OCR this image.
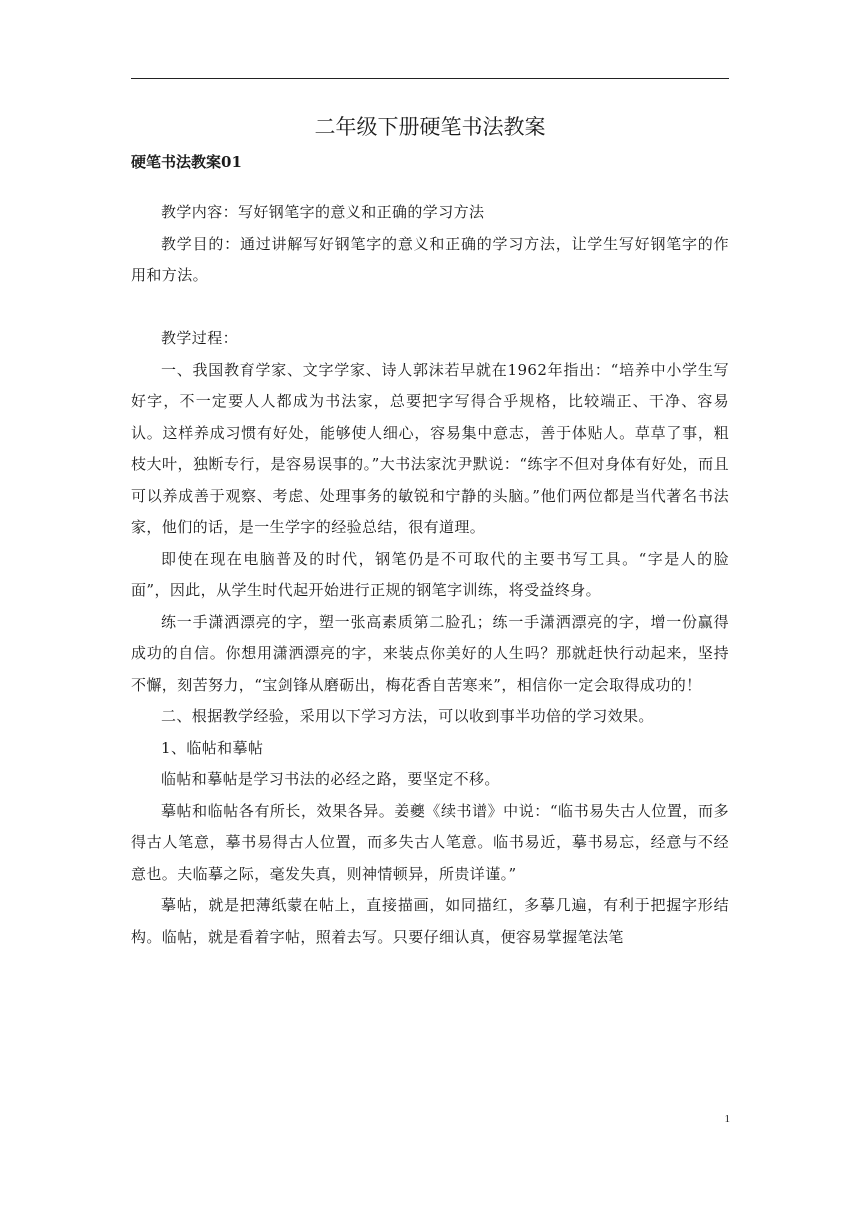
二年级下册硬笔书法教案
硬笔书法教案01

教学内容：写好钢笔字的意义和正确的学习方法

教学目的：通过讲解写好钢笔字的意义和正确的学习方法，让学生写好钢笔字的作用和方法。

教学过程：

一、我国教育学家、文字学家、诗人郭沫若早就在1962年指出：“培养中小学生写好字，不一定要人人都成为书法家，总要把字写得合乎规格，比较端正、干净、容易认。这样养成习惯有好处，能够使人细心，容易集中意志，善于体贴人。草草了事，粗枝大叶，独断专行，是容易误事的。”大书法家沈尹默说：“练字不但对身体有好处，而且可以养成善于观察、考虑、处理事务的敏锐和宁静的头脑。”他们两位都是当代著名书法家，他们的话，是一生学字的经验总结，很有道理。

即使在现在电脑普及的时代，钢笔仍是不可取代的主要书写工具。“字是人的脸面”，因此，从学生时代起开始进行正规的钢笔字训练，将受益终身。

练一手潇洒漂亮的字，塑一张高素质第二脸孔；练一手潇洒漂亮的字，增一份赢得成功的自信。你想用潇洒漂亮的字，来装点你美好的人生吗？那就赶快行动起来，坚持不懈，刻苦努力，“宝剑锋从磨砺出，梅花香自苦寒来”，相信你一定会取得成功的！

二、根据教学经验，采用以下学习方法，可以收到事半功倍的学习效果。

1、临帖和摹帖

临帖和摹帖是学习书法的必经之路，要坚定不移。

摹帖和临帖各有所长，效果各异。姜夔《续书谱》中说：“临书易失古人位置，而多得古人笔意，摹书易得古人位置，而多失古人笔意。临书易近，摹书易忘，经意与不经意也。夫临摹之际，毫发失真，则神情顿异，所贵详谨。”

摹帖，就是把薄纸蒙在帖上，直接描画，如同描红，多摹几遍，有利于把握字形结构。临帖，就是看着字帖，照着去写。只要仔细认真，便容易掌握笔法笔

1
